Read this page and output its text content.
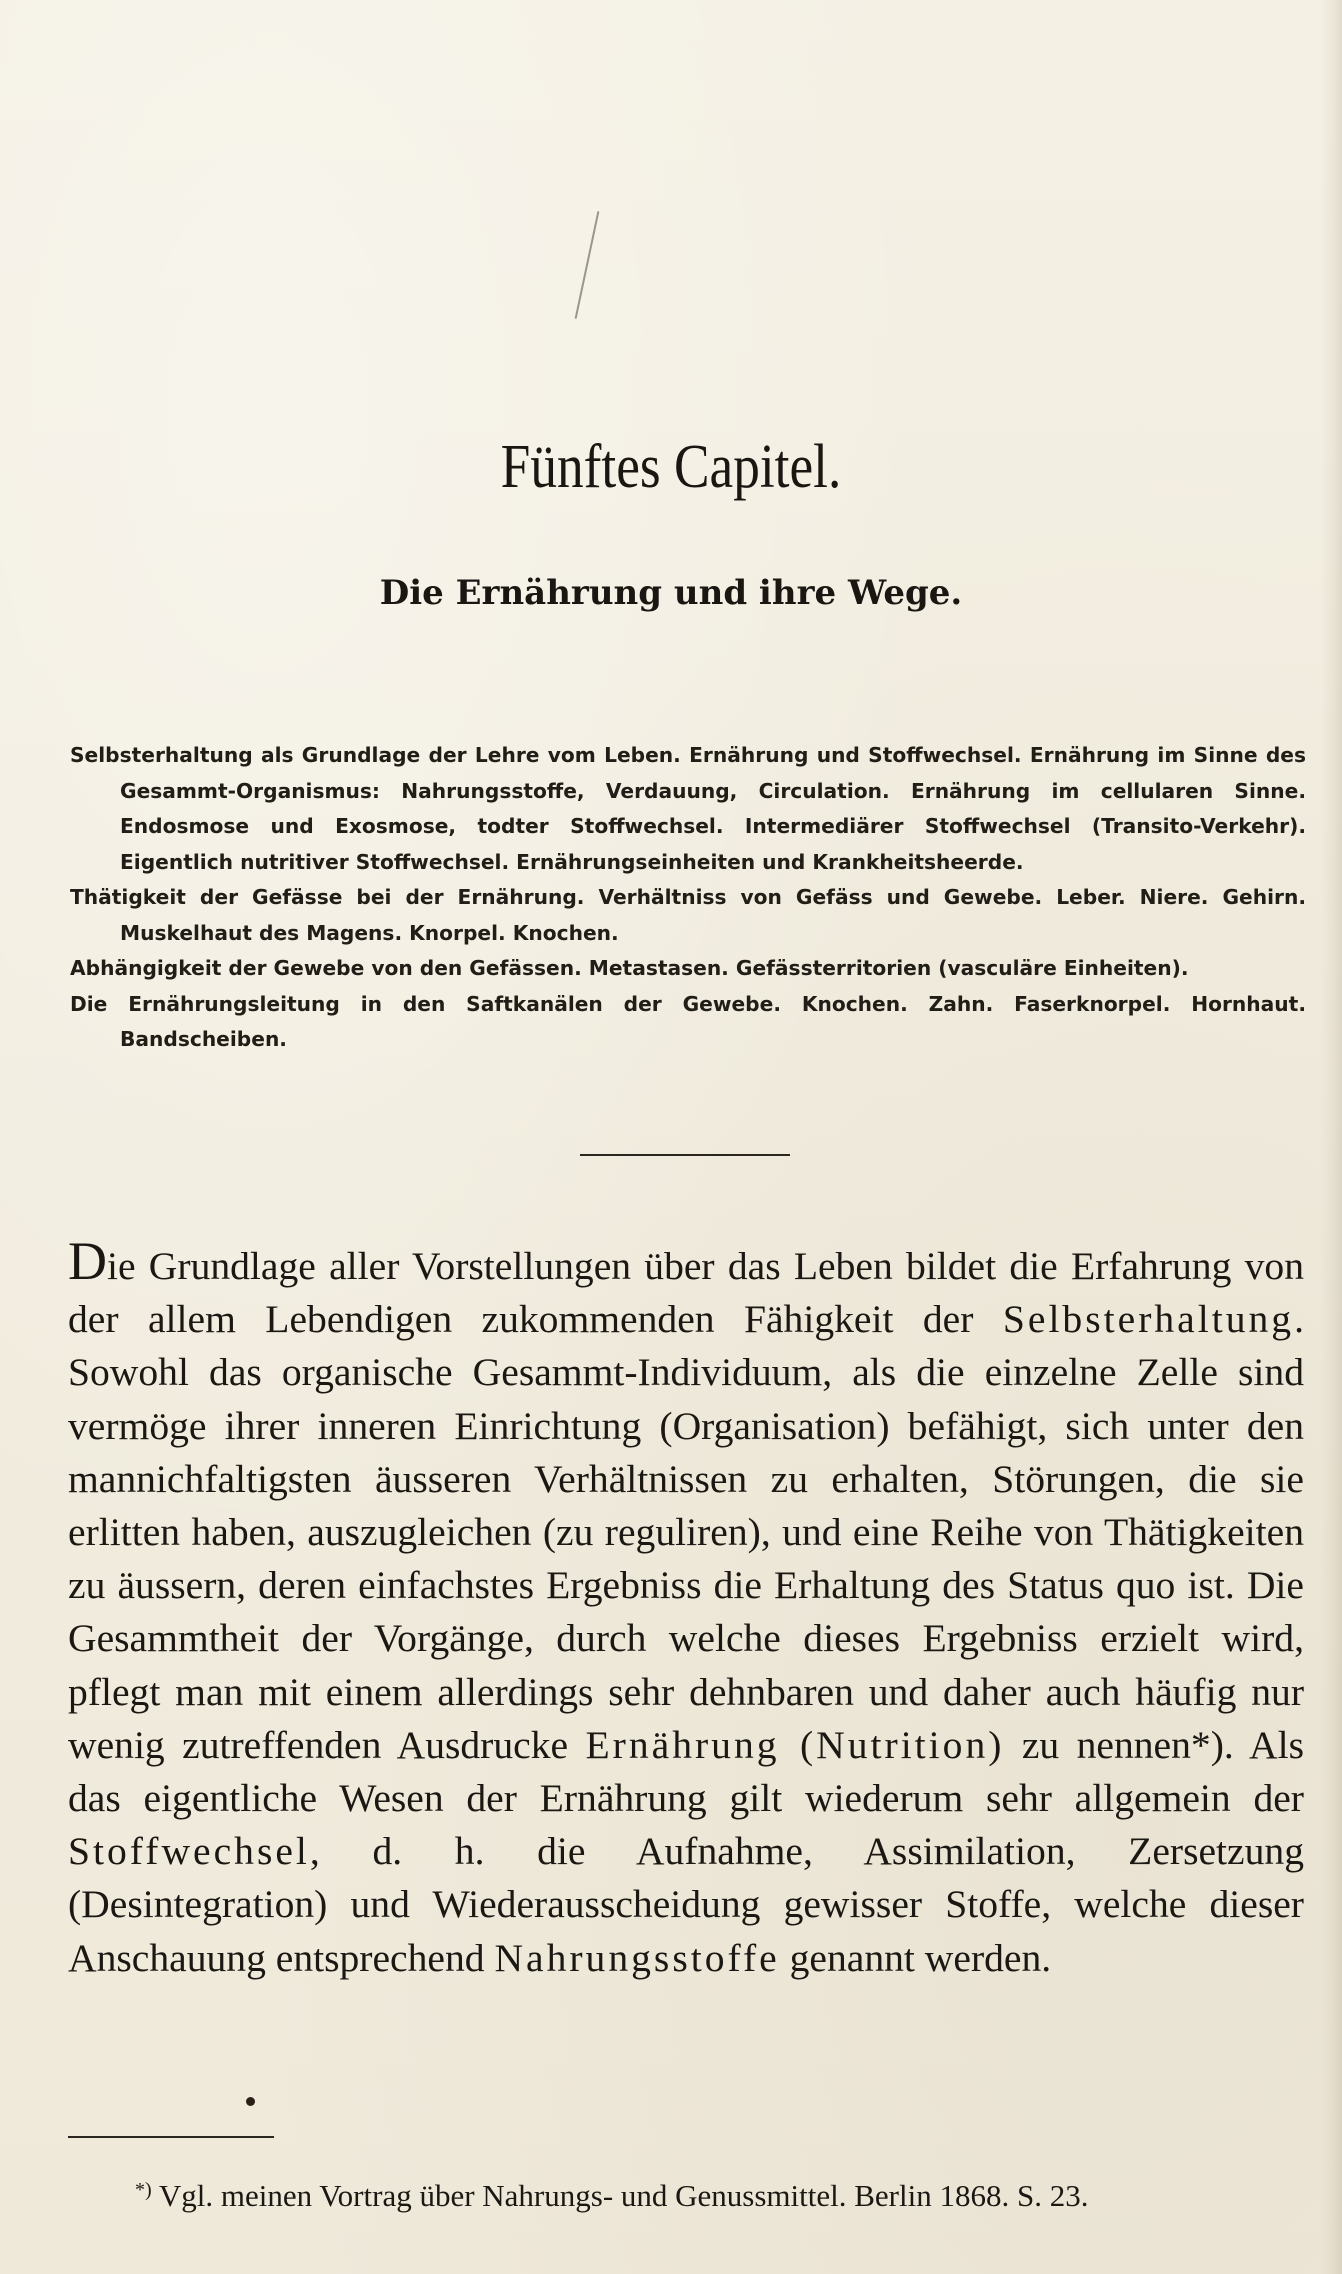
Fünftes Capitel.
Die Ernährung und ihre Wege.

Selbsterhaltung als Grundlage der Lehre vom Leben. Ernährung und Stoffwechsel. Ernährung im Sinne des Gesammt-Organismus: Nahrungsstoffe, Verdauung, Circulation. Ernährung im cellularen Sinne. Endosmose und Exosmose, todter Stoffwechsel. Intermediärer Stoffwechsel (Transito-Verkehr). Eigentlich nutritiver Stoffwechsel. Ernährungseinheiten und Krankheitsheerde.

Thätigkeit der Gefässe bei der Ernährung. Verhältniss von Gefäss und Gewebe. Leber. Niere. Gehirn. Muskelhaut des Magens. Knorpel. Knochen.

Abhängigkeit der Gewebe von den Gefässen. Metastasen. Gefässterritorien (vasculäre Einheiten).

Die Ernährungsleitung in den Saftkanälen der Gewebe. Knochen. Zahn. Faserknorpel. Hornhaut. Bandscheiben.

Die Grundlage aller Vorstellungen über das Leben bildet die Erfahrung von der allem Lebendigen zukommenden Fähigkeit der Selbsterhaltung. Sowohl das organische Gesammt-Individuum, als die einzelne Zelle sind vermöge ihrer inneren Einrichtung (Organisation) befähigt, sich unter den mannichfaltigsten äusseren Verhältnissen zu erhalten, Störungen, die sie erlitten haben, auszugleichen (zu reguliren), und eine Reihe von Thätigkeiten zu äussern, deren einfachstes Ergebniss die Erhaltung des Status quo ist. Die Gesammtheit der Vorgänge, durch welche dieses Ergebniss erzielt wird, pflegt man mit einem allerdings sehr dehnbaren und daher auch häufig nur wenig zutreffenden Ausdrucke Ernährung (Nutrition) zu nennen*). Als das eigentliche Wesen der Ernährung gilt wiederum sehr allgemein der Stoffwechsel, d. h. die Aufnahme, Assimilation, Zersetzung (Desintegration) und Wiederausscheidung gewisser Stoffe, welche dieser Anschauung entsprechend Nahrungsstoffe genannt werden.

*) Vgl. meinen Vortrag über Nahrungs- und Genussmittel. Berlin 1868. S. 23.
